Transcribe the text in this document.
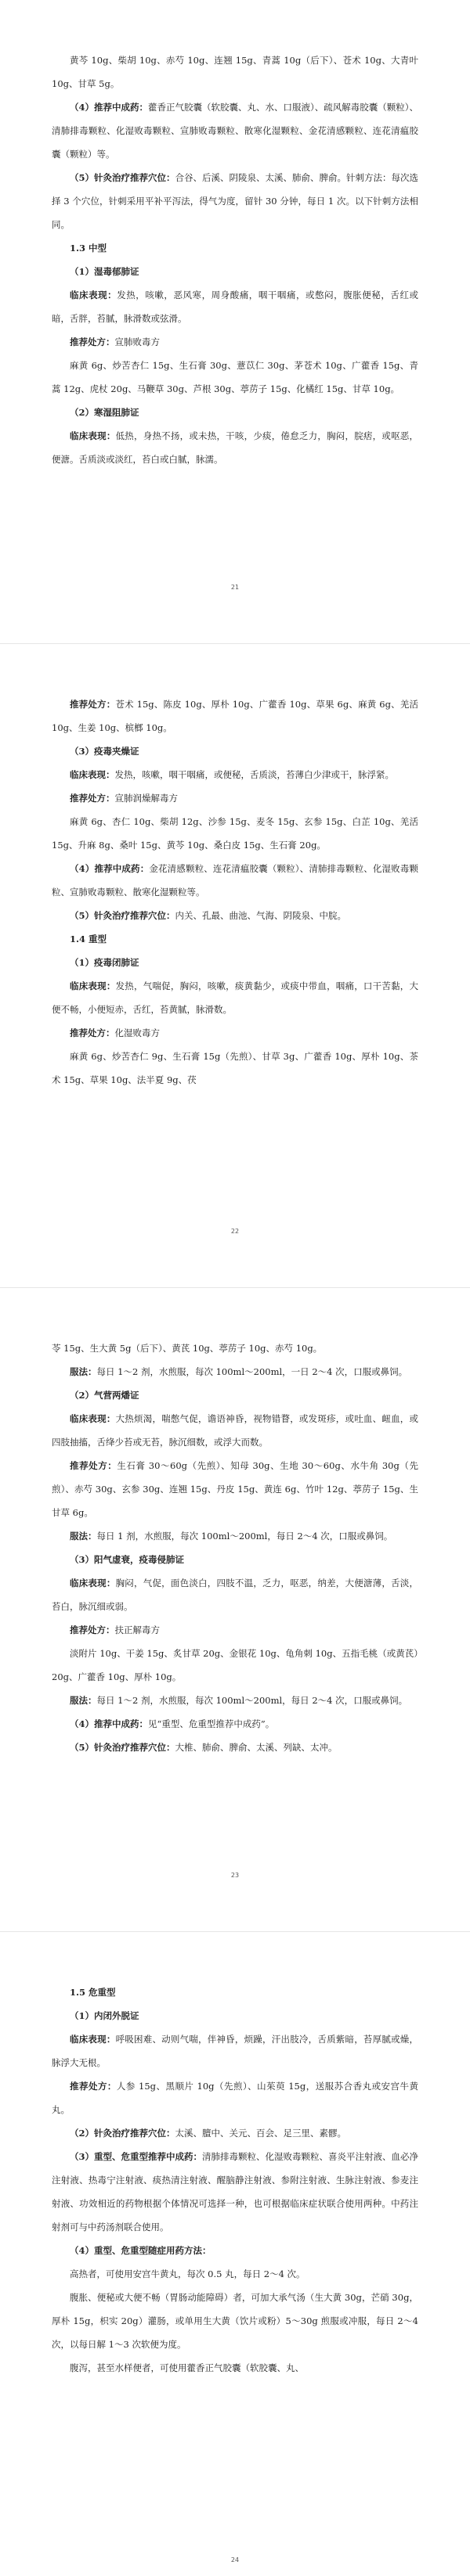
黄芩 10g、柴胡 10g、赤芍 10g、连翘 15g、青蒿 10g（后下）、苍术 10g、大青叶 10g、甘草 5g。

（4）推荐中成药：藿香正气胶囊（软胶囊、丸、水、口服液）、疏风解毒胶囊（颗粒）、清肺排毒颗粒、化湿败毒颗粒、宣肺败毒颗粒、散寒化湿颗粒、金花清感颗粒、连花清瘟胶囊（颗粒）等。

（5）针灸治疗推荐穴位：合谷、后溪、阴陵泉、太溪、肺俞、脾俞。针刺方法：每次选择 3 个穴位，针刺采用平补平泻法，得气为度，留针 30 分钟，每日 1 次。以下针刺方法相同。

1.3 中型

（1）湿毒郁肺证

临床表现：发热，咳嗽，恶风寒，周身酸痛，咽干咽痛，或憋闷，腹胀便秘，舌红或暗，舌胖，苔腻，脉滑数或弦滑。

推荐处方：宣肺败毒方

麻黄 6g、炒苦杏仁 15g、生石膏 30g、薏苡仁 30g、茅苍术 10g、广藿香 15g、青蒿 12g、虎杖 20g、马鞭草 30g、芦根 30g、葶苈子 15g、化橘红 15g、甘草 10g。

（2）寒湿阻肺证

临床表现：低热，身热不扬，或未热，干咳，少痰，倦怠乏力，胸闷，脘痞，或呕恶，便溏。舌质淡或淡红，苔白或白腻，脉濡。

21

推荐处方：苍术 15g、陈皮 10g、厚朴 10g、广藿香 10g、草果 6g、麻黄 6g、羌活 10g、生姜 10g、槟榔 10g。

（3）疫毒夹燥证

临床表现：发热，咳嗽，咽干咽痛，或便秘，舌质淡，苔薄白少津或干，脉浮紧。

推荐处方：宣肺润燥解毒方

麻黄 6g、杏仁 10g、柴胡 12g、沙参 15g、麦冬 15g、玄参 15g、白芷 10g、羌活 15g、升麻 8g、桑叶 15g、黄芩 10g、桑白皮 15g、生石膏 20g。

（4）推荐中成药：金花清感颗粒、连花清瘟胶囊（颗粒）、清肺排毒颗粒、化湿败毒颗粒、宣肺败毒颗粒、散寒化湿颗粒等。

（5）针灸治疗推荐穴位：内关、孔最、曲池、气海、阴陵泉、中脘。

1.4 重型

（1）疫毒闭肺证

临床表现：发热，气喘促，胸闷，咳嗽，痰黄黏少，或痰中带血，咽痛，口干苦黏，大便不畅，小便短赤，舌红，苔黄腻，脉滑数。

推荐处方：化湿败毒方

麻黄 6g、炒苦杏仁 9g、生石膏 15g（先煎）、甘草 3g、广藿香 10g、厚朴 10g、茶术 15g、草果 10g、法半夏 9g、茯

22

苓 15g、生大黄 5g（后下）、黄芪 10g、葶苈子 10g、赤芍 10g。

服法：每日 1～2 剂，水煎服，每次 100ml～200ml，一日 2～4 次，口服或鼻饲。

（2）气营两燔证

临床表现：大热烦渴，喘憋气促，谵语神昏，视物错瞀，或发斑疹，或吐血、衄血，或四肢抽搐，舌绛少苔或无苔，脉沉细数，或浮大而数。

推荐处方：生石膏 30～60g（先煎）、知母 30g、生地 30～60g、水牛角 30g（先煎）、赤芍 30g、玄参 30g、连翘 15g、丹皮 15g、黄连 6g、竹叶 12g、葶苈子 15g、生甘草 6g。

服法：每日 1 剂，水煎服，每次 100ml～200ml，每日 2～4 次，口服或鼻饲。

（3）阳气虚衰，疫毒侵肺证

临床表现：胸闷，气促，面色淡白，四肢不温，乏力，呕恶，纳差，大便溏薄，舌淡，苔白，脉沉细或弱。

推荐处方：扶正解毒方

淡附片 10g、干姜 15g、炙甘草 20g、金银花 10g、龟角刺 10g、五指毛桃（或黄芪）20g、广藿香 10g、厚朴 10g。

服法：每日 1～2 剂，水煎服，每次 100ml～200ml，每日 2～4 次，口服或鼻饲。

（4）推荐中成药：见“重型、危重型推荐中成药”。

（5）针灸治疗推荐穴位：大椎、肺俞、脾俞、太溪、列缺、太冲。

23

1.5 危重型

（1）内闭外脱证

临床表现：呼吸困难、动则气喘，伴神昏，烦躁，汗出肢冷，舌质紫暗，苔厚腻或燥，脉浮大无根。

推荐处方：人参 15g、黑顺片 10g（先煎）、山茱萸 15g，送服苏合香丸或安宫牛黄丸。

（2）针灸治疗推荐穴位：太溪、膻中、关元、百会、足三里、素髎。

（3）重型、危重型推荐中成药：清肺排毒颗粒、化湿败毒颗粒、喜炎平注射液、血必净注射液、热毒宁注射液、痰热清注射液、醒脑静注射液、参附注射液、生脉注射液、参麦注射液、功效相近的药物根据个体情况可选择一种，也可根据临床症状联合使用两种。中药注射剂可与中药汤剂联合使用。

（4）重型、危重型随症用药方法：

高热者，可使用安宫牛黄丸，每次 0.5 丸，每日 2～4 次。

腹胀、便秘或大便不畅（胃肠动能障碍）者，可加大承气汤（生大黄 30g，芒硝 30g，厚朴 15g，枳实 20g）灌肠，或单用生大黄（饮片或粉）5～30g 煎服或冲服，每日 2～4 次，以每日解 1～3 次软便为度。

腹泻，甚至水样便者，可使用藿香正气胶囊（软胶囊、丸、

24
